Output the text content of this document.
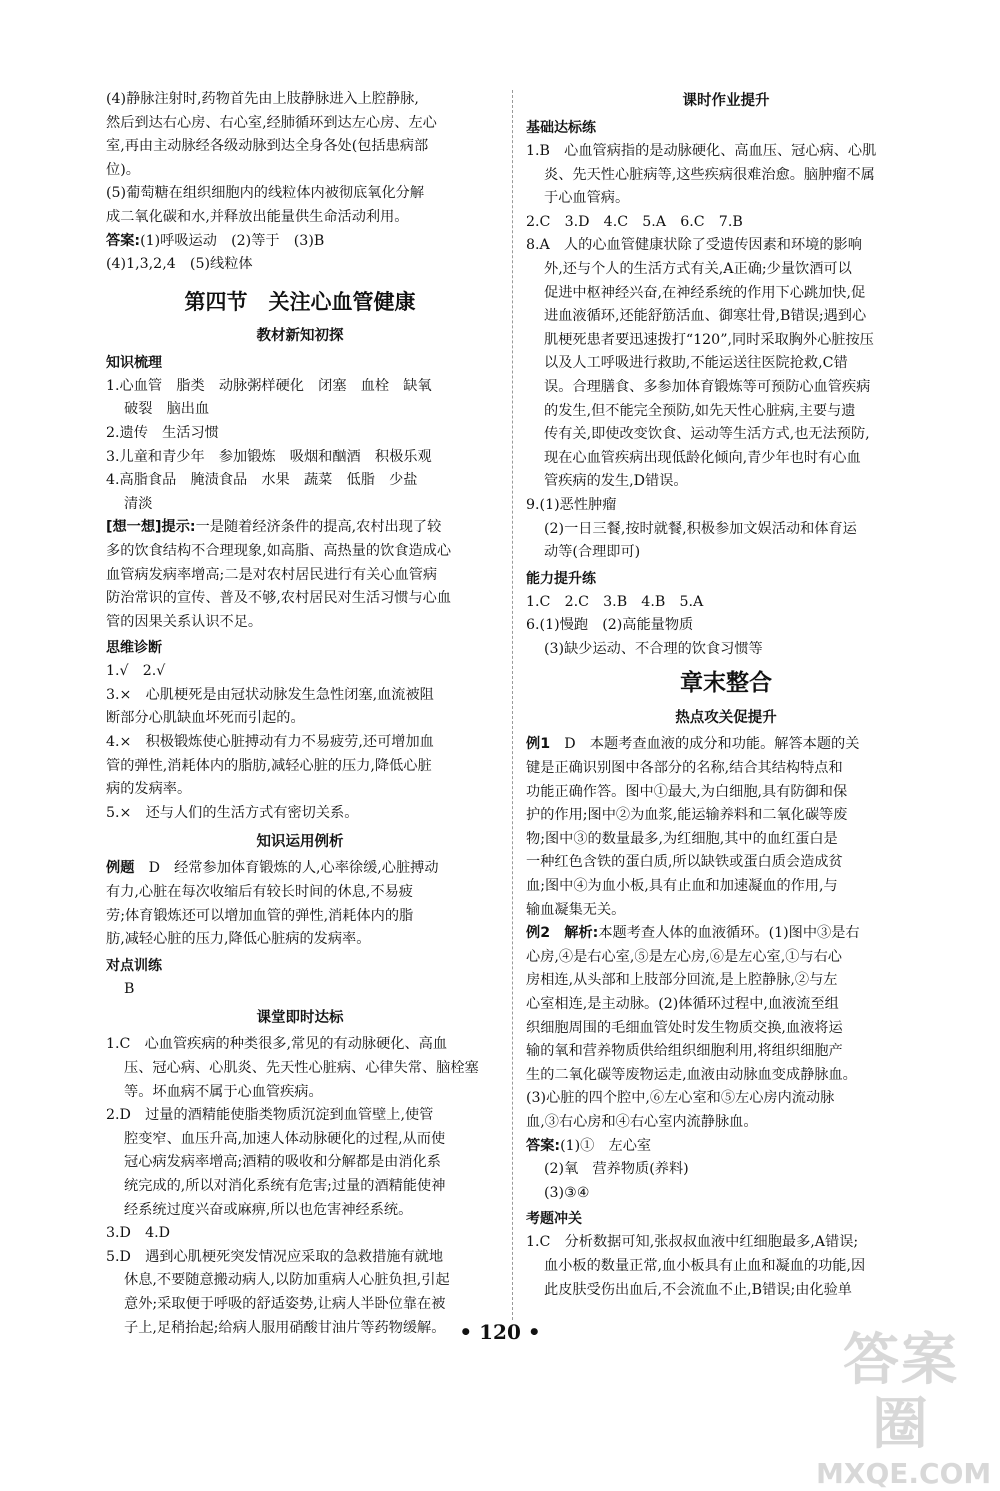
(4)静脉注射时,药物首先由上肢静脉进入上腔静脉,

然后到达右心房、右心室,经肺循环到达左心房、左心

室,再由主动脉经各级动脉到达全身各处(包括患病部

位)。

(5)葡萄糖在组织细胞内的线粒体内被彻底氧化分解

成二氧化碳和水,并释放出能量供生命活动利用。

答案:(1)呼吸运动　(2)等于　(3)B

(4)1,3,2,4　(5)线粒体

第四节　关注心血管健康
教材新知初探
知识梳理

1.心血管　脂类　动脉粥样硬化　闭塞　血栓　缺氧

破裂　脑出血

2.遗传　生活习惯

3.儿童和青少年　参加锻炼　吸烟和酗酒　积极乐观

4.高脂食品　腌渍食品　水果　蔬菜　低脂　少盐

清淡

[想一想]提示:一是随着经济条件的提高,农村出现了较

多的饮食结构不合理现象,如高脂、高热量的饮食造成心

血管病发病率增高;二是对农村居民进行有关心血管病

防治常识的宣传、普及不够,农村居民对生活习惯与心血

管的因果关系认识不足。

思维诊断

1.√　2.√

3.×　心肌梗死是由冠状动脉发生急性闭塞,血流被阻

断部分心肌缺血坏死而引起的。

4.×　积极锻炼使心脏搏动有力不易疲劳,还可增加血

管的弹性,消耗体内的脂肪,减轻心脏的压力,降低心脏

病的发病率。

5.×　还与人们的生活方式有密切关系。

知识运用例析

例题　D　经常参加体育锻炼的人,心率徐缓,心脏搏动

有力,心脏在每次收缩后有较长时间的休息,不易疲

劳;体育锻炼还可以增加血管的弹性,消耗体内的脂

肪,减轻心脏的压力,降低心脏病的发病率。

对点训练

B

课堂即时达标

1.C　心血管疾病的种类很多,常见的有动脉硬化、高血

压、冠心病、心肌炎、先天性心脏病、心律失常、脑栓塞

等。坏血病不属于心血管疾病。

2.D　过量的酒精能使脂类物质沉淀到血管壁上,使管

腔变窄、血压升高,加速人体动脉硬化的过程,从而使

冠心病发病率增高;酒精的吸收和分解都是由消化系

统完成的,所以对消化系统有危害;过量的酒精能使神

经系统过度兴奋或麻痹,所以也危害神经系统。

3.D　4.D

5.D　遇到心肌梗死突发情况应采取的急救措施有就地

休息,不要随意搬动病人,以防加重病人心脏负担,引起

意外;采取便于呼吸的舒适姿势,让病人半卧位靠在被

子上,足稍抬起;给病人服用硝酸甘油片等药物缓解。

课时作业提升
基础达标练

1.B　心血管病指的是动脉硬化、高血压、冠心病、心肌

炎、先天性心脏病等,这些疾病很难治愈。脑肿瘤不属

于心血管病。

2.C　3.D　4.C　5.A　6.C　7.B

8.A　人的心血管健康状除了受遗传因素和环境的影响

外,还与个人的生活方式有关,A正确;少量饮酒可以

促进中枢神经兴奋,在神经系统的作用下心跳加快,促

进血液循环,还能舒筋活血、御寒壮骨,B错误;遇到心

肌梗死患者要迅速拨打“120”,同时采取胸外心脏按压

以及人工呼吸进行救助,不能运送往医院抢救,C错

误。合理膳食、多参加体育锻炼等可预防心血管疾病

的发生,但不能完全预防,如先天性心脏病,主要与遗

传有关,即使改变饮食、运动等生活方式,也无法预防,

现在心血管疾病出现低龄化倾向,青少年也时有心血

管疾病的发生,D错误。

9.(1)恶性肿瘤

(2)一日三餐,按时就餐,积极参加文娱活动和体育运

动等(合理即可)

能力提升练

1.C　2.C　3.B　4.B　5.A

6.(1)慢跑　(2)高能量物质

(3)缺少运动、不合理的饮食习惯等

章末整合
热点攻关促提升

例1　D　本题考查血液的成分和功能。解答本题的关

键是正确识别图中各部分的名称,结合其结构特点和

功能正确作答。图中①最大,为白细胞,具有防御和保

护的作用;图中②为血浆,能运输养料和二氧化碳等废

物;图中③的数量最多,为红细胞,其中的血红蛋白是

一种红色含铁的蛋白质,所以缺铁或蛋白质会造成贫

血;图中④为血小板,具有止血和加速凝血的作用,与

输血凝集无关。

例2　 解析:本题考查人体的血液循环。(1)图中③是右

心房,④是右心室,⑤是左心房,⑥是左心室,①与右心

房相连,从头部和上肢部分回流,是上腔静脉,②与左

心室相连,是主动脉。(2)体循环过程中,血液流至组

织细胞周围的毛细血管处时发生物质交换,血液将运

输的氧和营养物质供给组织细胞利用,将组织细胞产

生的二氧化碳等废物运走,血液由动脉血变成静脉血。

(3)心脏的四个腔中,⑥左心室和⑤左心房内流动脉

血,③右心房和④右心室内流静脉血。

答案:(1)①　左心室

(2)氧　营养物质(养料)

(3)③④

考题冲关

1.C　分析数据可知,张叔叔血液中红细胞最多,A错误;

血小板的数量正常,血小板具有止血和凝血的功能,因

此皮肤受伤出血后,不会流血不止,B错误;由化验单

• 120 •	答案圈
MXQE.COM
